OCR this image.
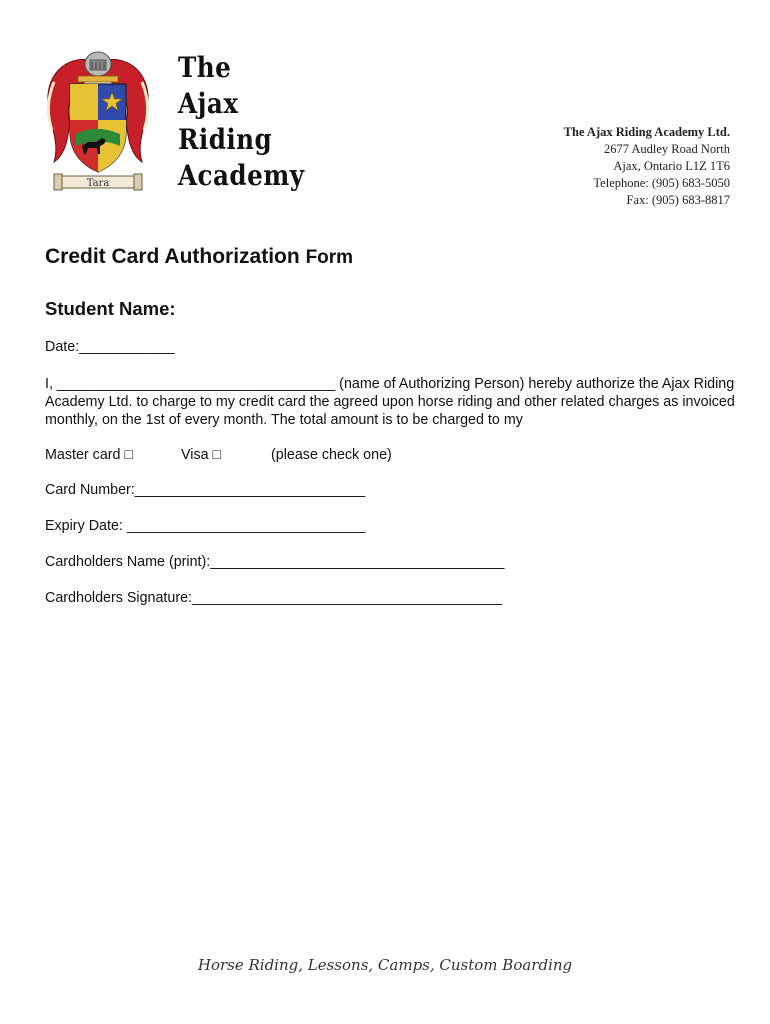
Tara
The
Ajax
Riding
Academy
The Ajax Riding Academy Ltd.
2677 Audley Road North
Ajax, Ontario L1Z 1T6
Telephone: (905) 683-5050
Fax: (905) 683-8817
Credit Card Authorization Form
Student Name:
Date:____________
I, ___________________________________ (name of Authorizing Person) hereby authorize the Ajax Riding Academy Ltd. to charge to my credit card the agreed upon horse riding and other related charges as invoiced monthly, on the 1st of every month. The total amount is to be charged to my
Master card □	Visa □	(please check one)
Card Number:_____________________________
Expiry Date: ______________________________
Cardholders Name (print):_____________________________________
Cardholders Signature:_______________________________________
Horse Riding, Lessons, Camps, Custom Boarding
